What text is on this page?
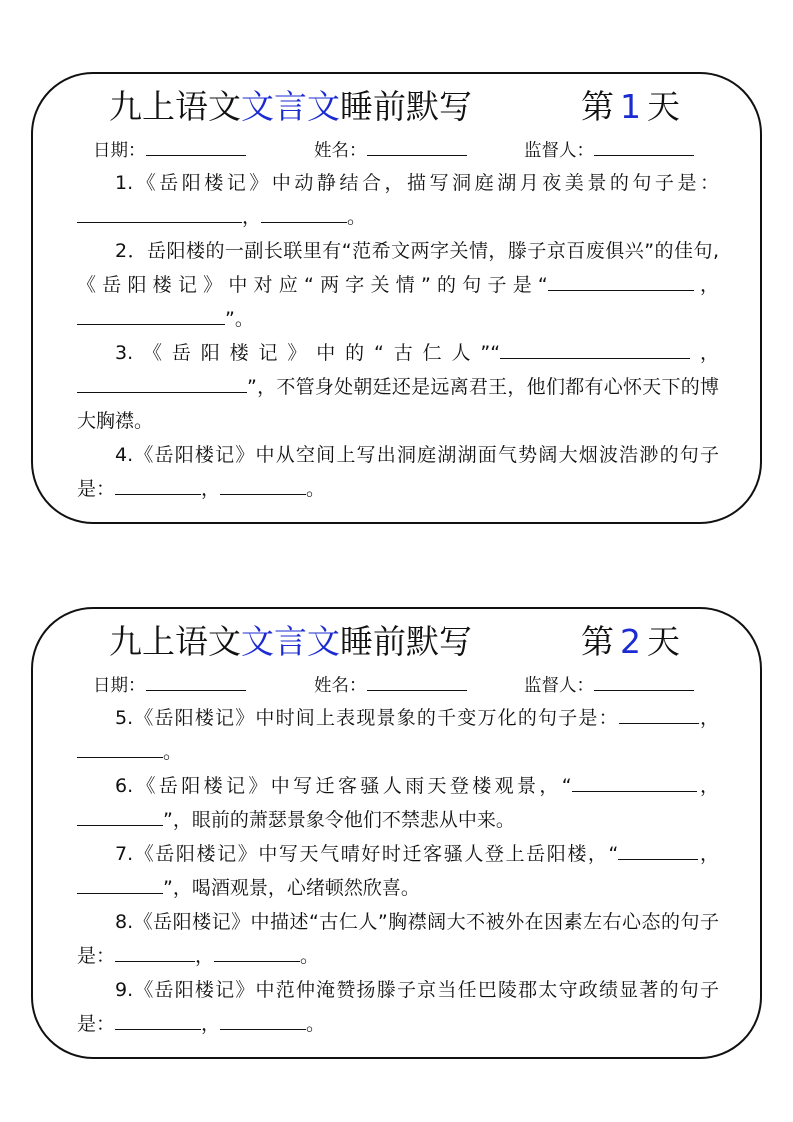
九上语文文言文睡前默写	第 1 天
日期：	姓名：	监督人：

1.《岳阳楼记》中动静结合，描写洞庭湖月夜美景的句子是：，	。

2．岳阳楼的一副长联里有“范希文两字关情，滕子京百废俱兴”的佳句,《岳阳楼记》中对应“两字关情”的句子是“	，”。

3.《岳阳楼记》中的“古仁人”“	，”，不管身处朝廷还是远离君王，他们都有心怀天下的博大胸襟。

4.《岳阳楼记》中从空间上写出洞庭湖湖面气势阔大烟波浩渺的句子是：	，	。

九上语文文言文睡前默写	第 2 天
日期：	姓名：	监督人：

5.《岳阳楼记》中时间上表现景象的千变万化的句子是：	，。

6.《岳阳楼记》中写迁客骚人雨天登楼观景，“	，”，眼前的萧瑟景象令他们不禁悲从中来。

7.《岳阳楼记》中写天气晴好时迁客骚人登上岳阳楼，“	，”，喝酒观景，心绪顿然欣喜。

8.《岳阳楼记》中描述“古仁人”胸襟阔大不被外在因素左右心态的句子是：	，	。

9.《岳阳楼记》中范仲淹赞扬滕子京当任巴陵郡太守政绩显著的句子是：	，	。
